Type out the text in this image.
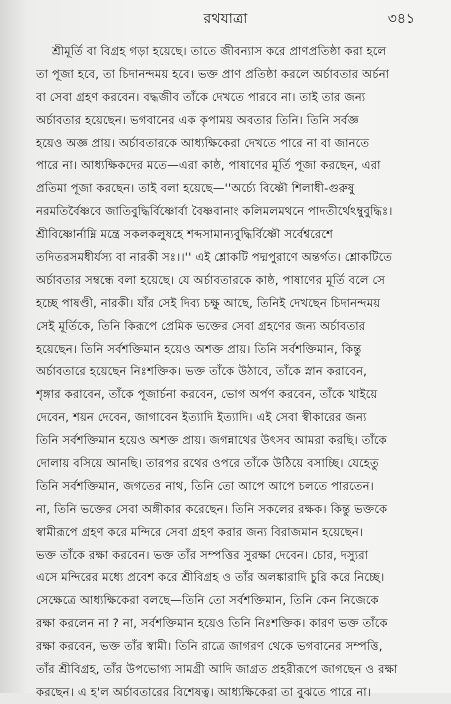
রথযাত্রা	৩৪১
শ্রীমূর্তি বা বিগ্রহ গড়া হয়েছে। তাতে জীবন্যাস করে প্রাণপ্রতিষ্ঠা করা হলে
তা পূজা হবে, তা চিদানন্দময় হবে। ভক্ত প্রাণ প্রতিষ্ঠা করলে অর্চাবতার অর্চনা
বা সেবা গ্রহণ করবেন। বদ্ধজীব তাঁকে দেখতে পারবে না। তাই তার জন্য
অর্চাবতার হয়েছেন। ভগবানের এক কৃপাময় অবতার তিনি। তিনি সর্বজ্ঞ
হয়েও অজ্ঞ প্রায়। অর্চাবতারকে আধ্যক্ষিকেরা দেখতে পারে না বা জানতে
পারে না। আধ্যক্ষিকদের মতে—এরা কাষ্ঠ, পাষাণের মূর্তি পূজা করছেন, এরা
প্রতিমা পূজা করছেন। তাই বলা হয়েছে—''অর্চ্যে বিষ্ণৌ শিলাধী-গুরুষু
নরমতির্বৈষ্ণবে জাতিবুদ্ধির্বিষ্ণোর্বা বৈষ্ণবানাং কলিমলমথনে পাদতীর্থেঽম্বুবুদ্ধিঃ।
শ্রীবিষ্ণোর্নাম্নি মন্ত্রে সকলকলুষহে শব্দসামান্যবুদ্ধির্বিষ্ণৌ সর্বেশ্বরেশে
তদিতরসমধীর্যস্য বা নারকী সঃ।।'' এই শ্লোকটি পদ্মপুরাণে অন্তর্গত। শ্লোকটিতে
অর্চাবতার সম্বন্ধে বলা হয়েছে। যে অর্চাবতারকে কাষ্ঠ, পাষাণের মূর্তি বলে সে
হচ্ছে পাষণ্ডী, নারকী। যাঁর সেই দিব্য চক্ষু আছে, তিনিই দেখছেন চিদানন্দময়
সেই মূর্তিকে, তিনি কিরূপে প্রেমিক ভক্তের সেবা গ্রহণের জন্য অর্চাবতার
হয়েছেন। তিনি সর্বশক্তিমান হয়েও অশক্ত প্রায়। তিনি সর্বশক্তিমান, কিন্তু
অর্চাবতারে হয়েছেন নিঃশক্তিক। ভক্ত তাঁকে উঠাবে, তাঁকে স্নান করাবেন,
শৃঙ্গার করাবেন, তাঁকে পূজার্চনা করবেন, ভোগ অর্পণ করবেন, তাঁকে খাইয়ে
দেবেন, শয়ন দেবেন, জাগাবেন ইত্যাদি ইত্যাদি। এই সেবা স্বীকারের জন্য
তিনি সর্বশক্তিমান হয়েও অশক্ত প্রায়। জগন্নাথের উৎসব আমরা করছি। তাঁকে
দোলায় বসিয়ে আনছি। তারপর রথের ওপরে তাঁকে উঠিয়ে বসাচ্ছি। যেহেতু
তিনি সর্বশক্তিমান, জগতের নাথ, তিনি তো আপে আপে চলতে পারতেন।
না, তিনি ভক্তের সেবা অঙ্গীকার করেছেন। তিনি সকলের রক্ষক। কিন্তু ভক্তকে
স্বামীরূপে গ্রহণ করে মন্দিরে সেবা গ্রহণ করার জন্য বিরাজমান হয়েছেন।
ভক্ত তাঁকে রক্ষা করবেন। ভক্ত তাঁর সম্পত্তির সুরক্ষা দেবেন। চোর, দস্যুরা
এসে মন্দিরের মধ্যে প্রবেশ করে শ্রীবিগ্রহ ও তাঁর অলঙ্কারাদি চুরি করে নিচ্ছে।
সেক্ষেত্রে আধ্যক্ষিকেরা বলছে—তিনি তো সর্বশক্তিমান, তিনি কেন নিজেকে
রক্ষা করলেন না ? না, সর্বশক্তিমান হয়েও তিনি নিঃশক্তিক। কারণ ভক্ত তাঁকে
রক্ষা করবেন, ভক্ত তাঁর স্বামী। তিনি রাত্রে জাগরণ থেকে ভগবানের সম্পত্তি,
তাঁর শ্রীবিগ্রহ, তাঁর উপভোগ্য সামগ্রী আদি জাগ্রত প্রহরীরূপে জাগছেন ও রক্ষা
করছেন। এ হ'ল অর্চাবতারের বিশেষত্ব। আধ্যক্ষিকেরা তা বুঝতে পারে না।
